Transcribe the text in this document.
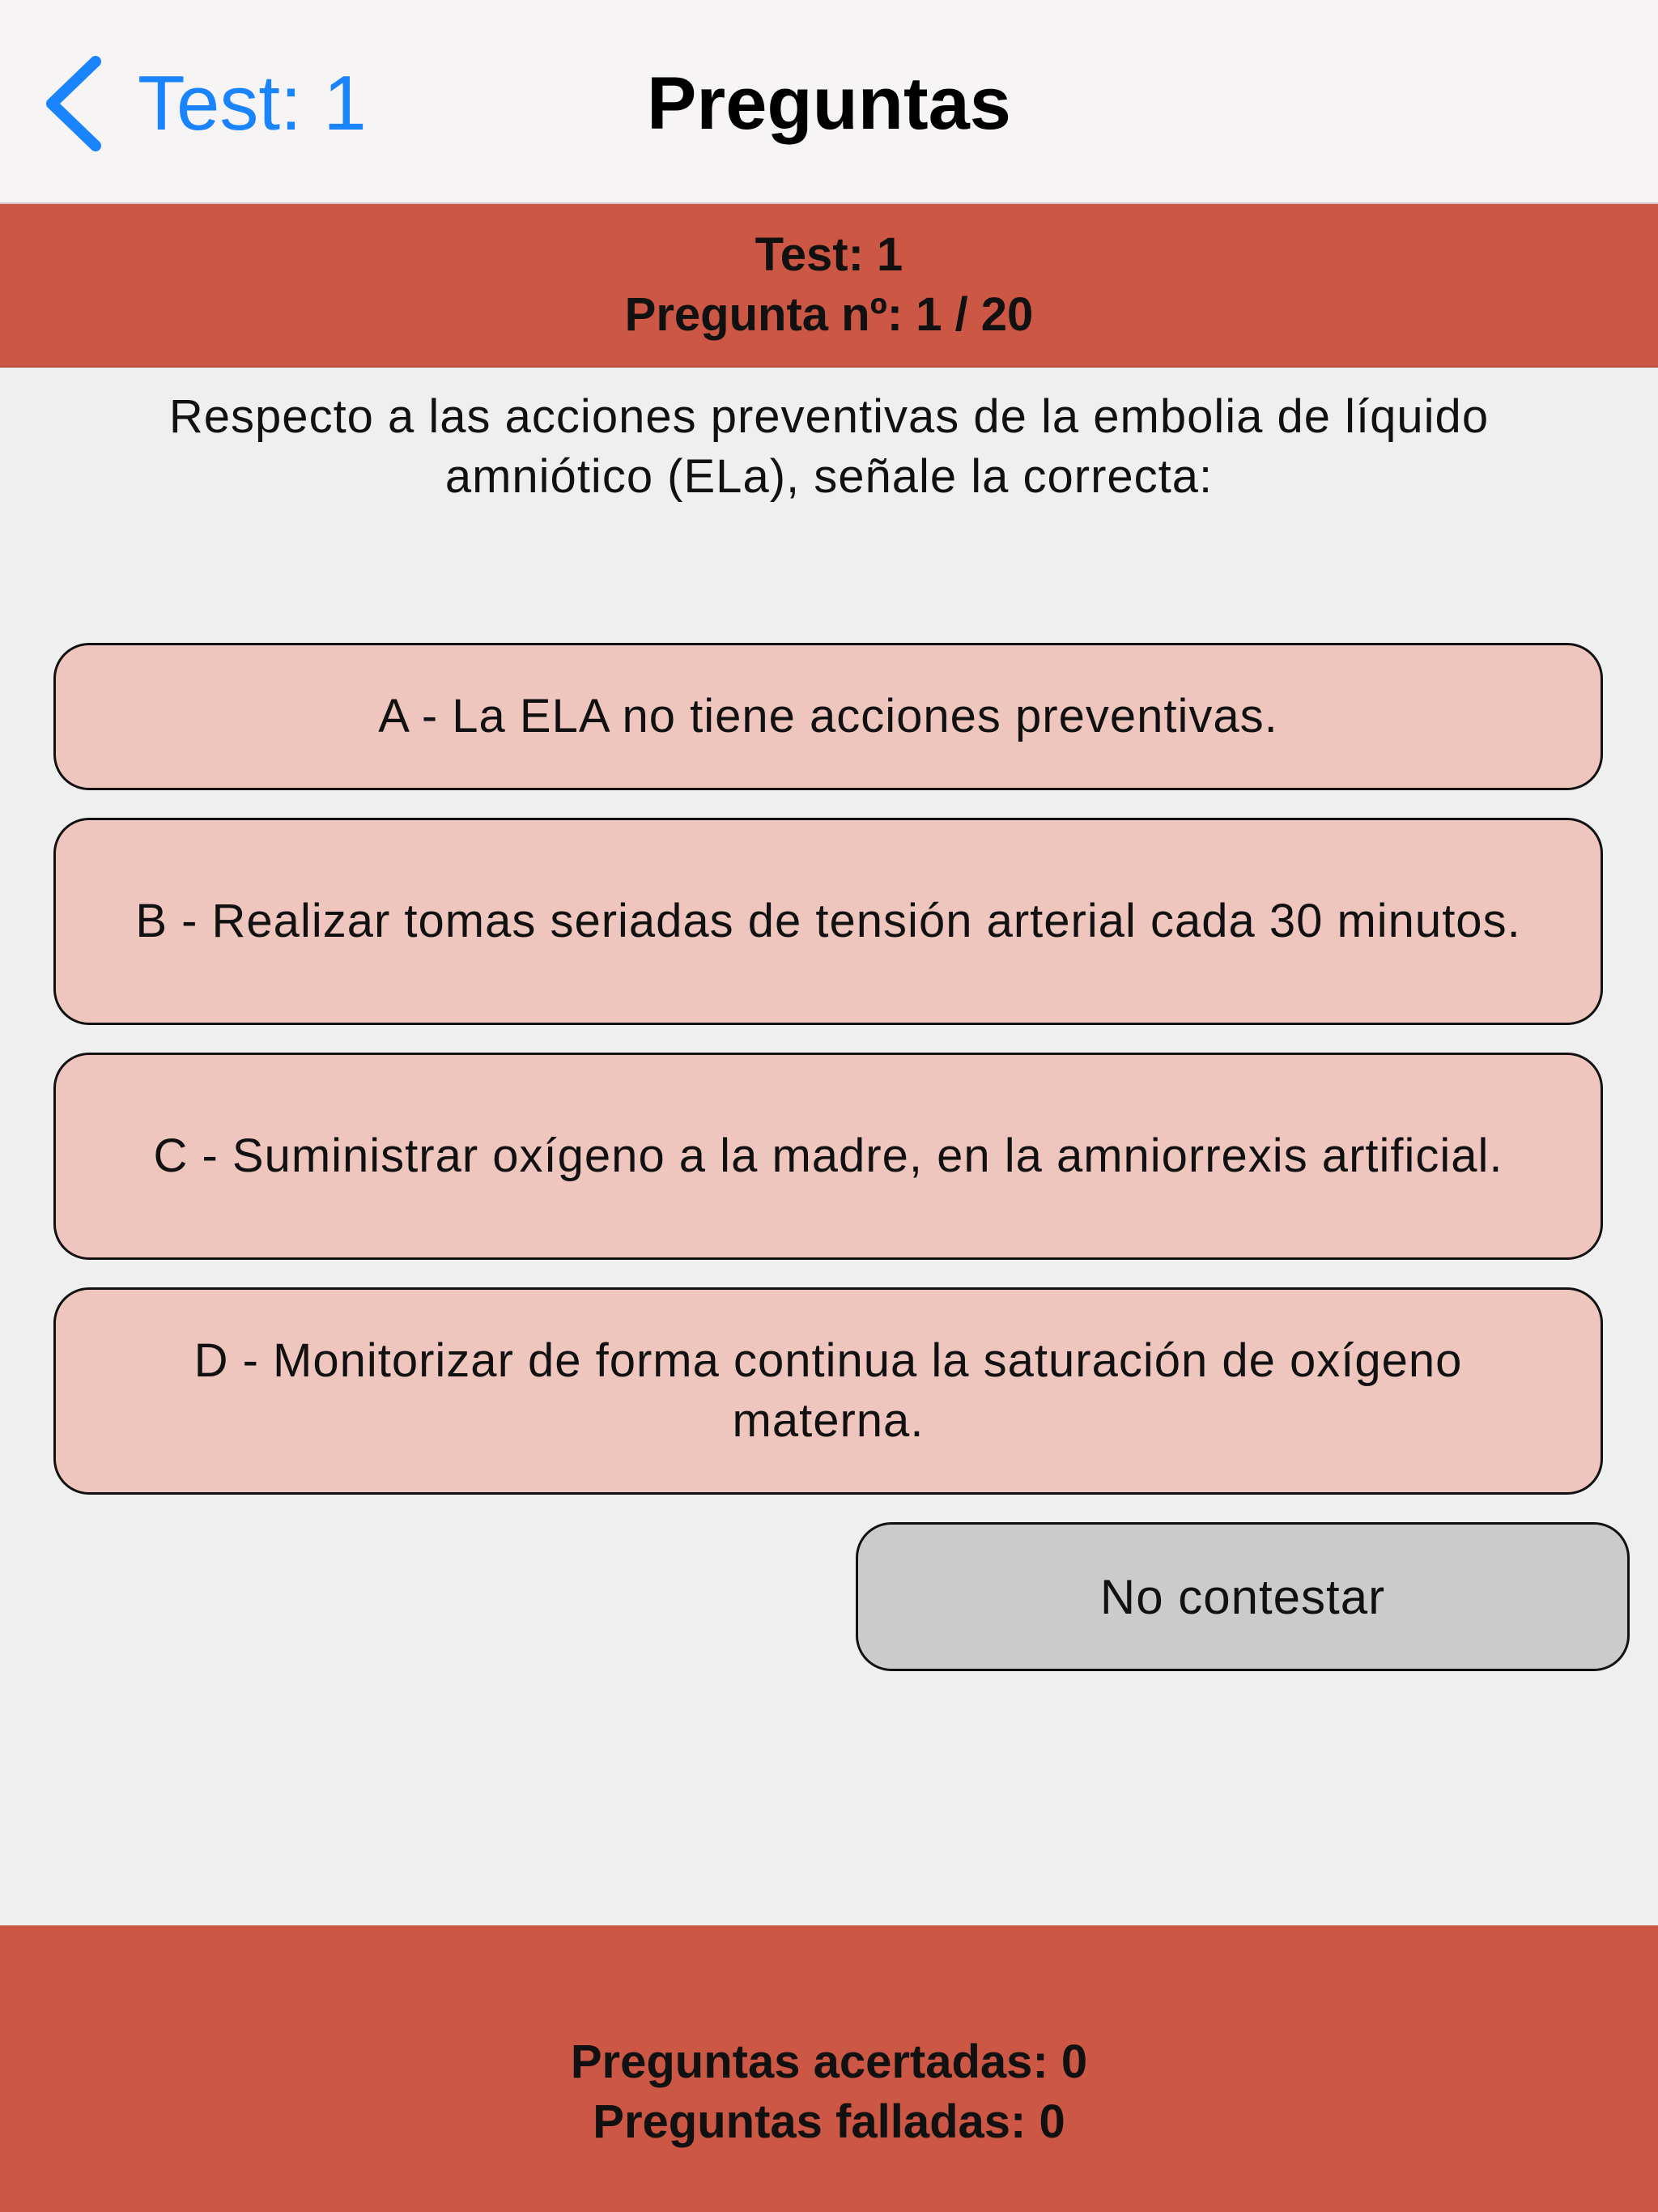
Test: 1	Preguntas
Test: 1
Pregunta nº: 1 / 20
Respecto a las acciones preventivas de la embolia de líquido amniótico (ELa), señale la correcta:
A - La ELA no tiene acciones preventivas.
B - Realizar tomas seriadas de tensión arterial cada 30 minutos.
C - Suministrar oxígeno a la madre, en la amniorrexis artificial.
D - Monitorizar de forma continua la saturación de oxígeno materna.
No contestar
Preguntas acertadas: 0
Preguntas falladas: 0
